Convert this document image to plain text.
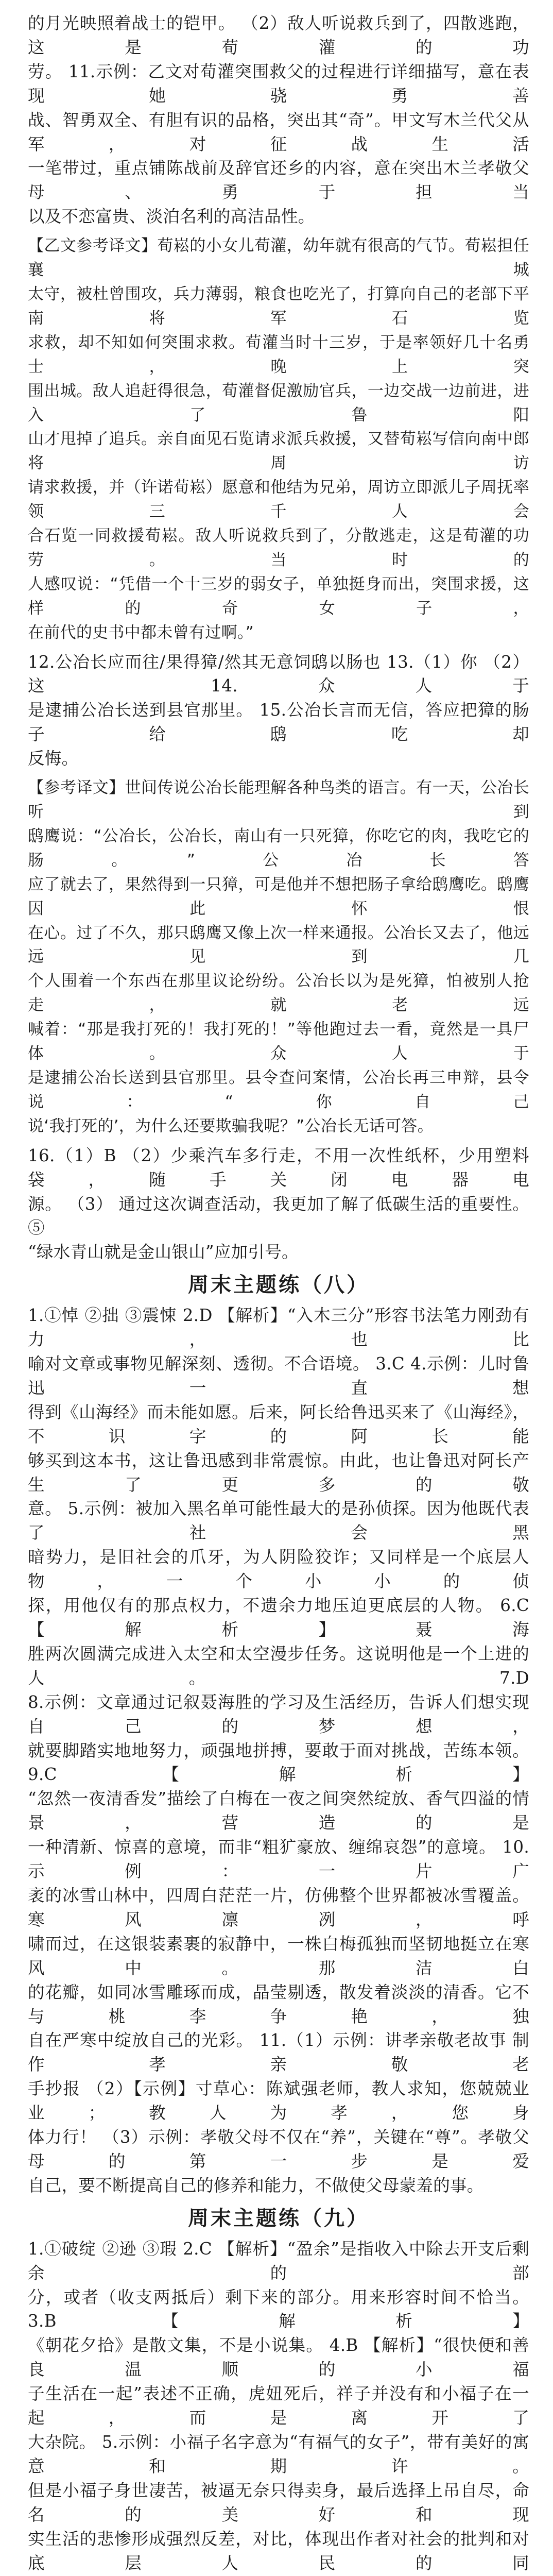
的月光映照着战士的铠甲。 （2）敌人听说救兵到了，四散逃跑，这是荀灌的功

劳。 11.示例：乙文对荀灌突围救父的过程进行详细描写，意在表现她骁勇善

战、智勇双全、有胆有识的品格，突出其“奇”。甲文写木兰代父从军，对征战生活

一笔带过，重点铺陈战前及辞官还乡的内容，意在突出木兰孝敬父母、勇于担当

以及不恋富贵、淡泊名利的高洁品性。

【乙文参考译文】荀崧的小女儿荀灌，幼年就有很高的气节。荀崧担任襄城

太守，被杜曾围攻，兵力薄弱，粮食也吃光了，打算向自己的老部下平南将军石览

求救，却不知如何突围求救。荀灌当时十三岁，于是率领好几十名勇士，晚上突

围出城。敌人追赶得很急，荀灌督促激励官兵，一边交战一边前进，进入了鲁阳

山才甩掉了追兵。亲自面见石览请求派兵救援，又替荀崧写信向南中郎将周访

请求救援，并（许诺荀崧）愿意和他结为兄弟，周访立即派儿子周抚率领三千人会

合石览一同救援荀崧。敌人听说救兵到了，分散逃走，这是荀灌的功劳。当时的

人感叹说：“凭借一个十三岁的弱女子，单独挺身而出，突围求援，这样的奇女子，

在前代的史书中都未曾有过啊。”

12.公冶长应而往/果得獐/然其无意饲鸱以肠也 13.（1）你 （2）这 14.众人于

是逮捕公冶长送到县官那里。 15.公冶长言而无信，答应把獐的肠子给鸱吃却

反悔。

【参考译文】世间传说公冶长能理解各种鸟类的语言。有一天，公冶长听到

鸱鹰说：“公冶长，公冶长，南山有一只死獐，你吃它的肉，我吃它的肠。”公冶长答

应了就去了，果然得到一只獐，可是他并不想把肠子拿给鸱鹰吃。鸱鹰因此怀恨

在心。过了不久，那只鸱鹰又像上次一样来通报。公冶长又去了，他远远见到几

个人围着一个东西在那里议论纷纷。公冶长以为是死獐，怕被别人抢走，就老远

喊着：“那是我打死的！我打死的！”等他跑过去一看，竟然是一具尸体。众人于

是逮捕公冶长送到县官那里。县令查问案情，公冶长再三申辩，县令说：“你自己

说‘我打死的’，为什么还要欺骗我呢？”公冶长无话可答。

16.（1）B （2）少乘汽车多行走，不用一次性纸杯，少用塑料袋，随手关闭电器电

源。 （3） 通过这次调查活动，我更加了解了低碳生活的重要性。 ⑤

“绿水青山就是金山银山”应加引号。

周末主题练（八）

1.①悼 ②拙 ③震悚 2.D 【解析】“入木三分”形容书法笔力刚劲有力，也比

喻对文章或事物见解深刻、透彻。不合语境。 3.C 4.示例：儿时鲁迅一直想

得到《山海经》而未能如愿。后来，阿长给鲁迅买来了《山海经》，不识字的阿长能

够买到这本书，这让鲁迅感到非常震惊。由此，也让鲁迅对阿长产生了更多的敬

意。 5.示例：被加入黑名单可能性最大的是孙侦探。因为他既代表了社会黑

暗势力，是旧社会的爪牙，为人阴险狡诈；又同样是一个底层人物，一个小小的侦

探，用他仅有的那点权力，不遗余力地压迫更底层的人物。 6.C 【解析】聂海

胜两次圆满完成进入太空和太空漫步任务。这说明他是一个上进的人。 7.D

8.示例：文章通过记叙聂海胜的学习及生活经历，告诉人们想实现自己的梦想，

就要脚踏实地地努力，顽强地拼搏，要敢于面对挑战，苦练本领。 9.C 【解析】

“忽然一夜清香发”描绘了白梅在一夜之间突然绽放、香气四溢的情景，营造的是

一种清新、惊喜的意境，而非“粗犷豪放、缠绵哀怨”的意境。 10.示例：一片广

袤的冰雪山林中，四周白茫茫一片，仿佛整个世界都被冰雪覆盖。寒风凛冽，呼

啸而过，在这银装素裹的寂静中，一株白梅孤独而坚韧地挺立在寒风中。那洁白

的花瓣，如同冰雪雕琢而成，晶莹剔透，散发着淡淡的清香。它不与桃李争艳，独

自在严寒中绽放自己的光彩。 11.（1）示例：讲孝亲敬老故事 制作孝亲敬老

手抄报 （2）【示例】寸草心：陈斌强老师，教人求知，您兢兢业业；教人为孝，您身

体力行！ （3）示例：孝敬父母不仅在“养”，关键在“尊”。孝敬父母的第一步是爱

自己，要不断提高自己的修养和能力，不做使父母蒙羞的事。

周末主题练（九）

1.①破绽 ②逊 ③瑕 2.C 【解析】“盈余”是指收入中除去开支后剩余的部

分，或者（收支两抵后）剩下来的部分。用来形容时间不恰当。 3.B 【解析】

《朝花夕拾》是散文集，不是小说集。 4.B 【解析】“很快便和善良温顺的小福

子生活在一起”表述不正确，虎妞死后，祥子并没有和小福子在一起，而是离开了

大杂院。 5.示例：小福子名字意为“有福气的女子”，带有美好的寓意和期许。

但是小福子身世凄苦，被逼无奈只得卖身，最后选择上吊自尽，命名的美好和现

实生活的悲惨形成强烈反差，对比，体现出作者对社会的批判和对底层人民的同
